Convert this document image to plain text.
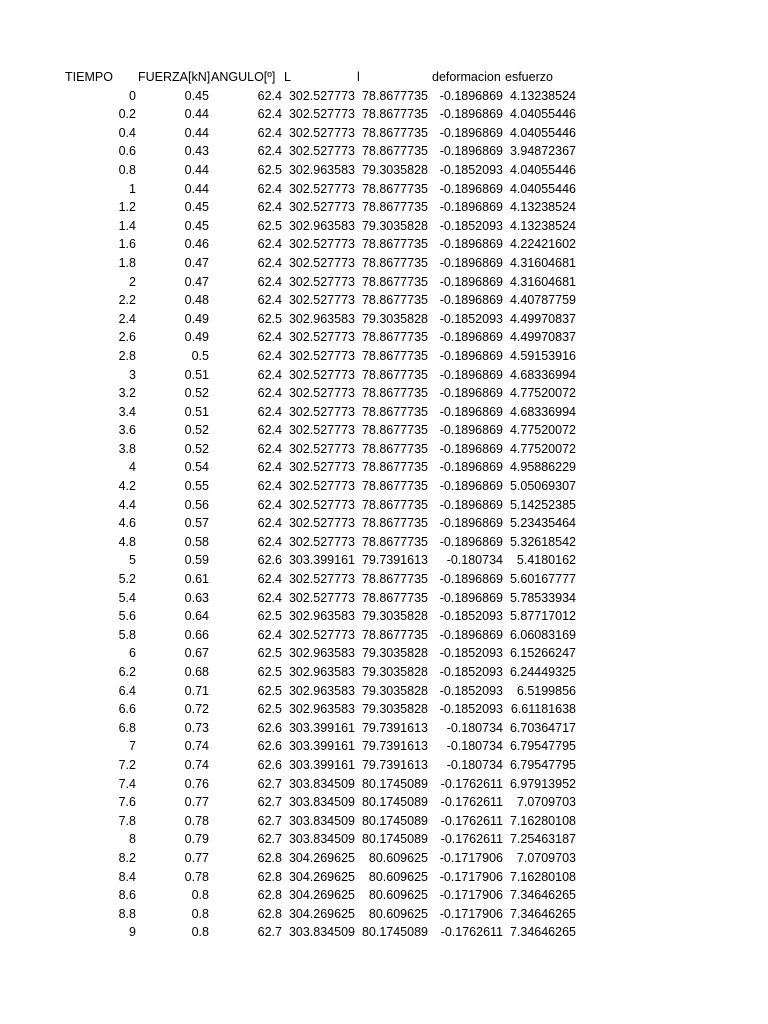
TIEMPO FUERZA[kN] ANGULO[º] L	l	deformacion esfuerzo
0	0.45	62.4 302.527773 78.8677735 -0.1896869 4.13238524
0.2	0.44	62.4 302.527773 78.8677735 -0.1896869 4.04055446
0.4	0.44	62.4 302.527773 78.8677735 -0.1896869 4.04055446
0.6	0.43	62.4 302.527773 78.8677735 -0.1896869 3.94872367
0.8	0.44	62.5 302.963583 79.3035828 -0.1852093 4.04055446
1	0.44	62.4 302.527773 78.8677735 -0.1896869 4.04055446
1.2	0.45	62.4 302.527773 78.8677735 -0.1896869 4.13238524
1.4	0.45	62.5 302.963583 79.3035828 -0.1852093 4.13238524
1.6	0.46	62.4 302.527773 78.8677735 -0.1896869 4.22421602
1.8	0.47	62.4 302.527773 78.8677735 -0.1896869 4.31604681
2	0.47	62.4 302.527773 78.8677735 -0.1896869 4.31604681
2.2	0.48	62.4 302.527773 78.8677735 -0.1896869 4.40787759
2.4	0.49	62.5 302.963583 79.3035828 -0.1852093 4.49970837
2.6	0.49	62.4 302.527773 78.8677735 -0.1896869 4.49970837
2.8	0.5	62.4 302.527773 78.8677735 -0.1896869 4.59153916
3	0.51	62.4 302.527773 78.8677735 -0.1896869 4.68336994
3.2	0.52	62.4 302.527773 78.8677735 -0.1896869 4.77520072
3.4	0.51	62.4 302.527773 78.8677735 -0.1896869 4.68336994
3.6	0.52	62.4 302.527773 78.8677735 -0.1896869 4.77520072
3.8	0.52	62.4 302.527773 78.8677735 -0.1896869 4.77520072
4	0.54	62.4 302.527773 78.8677735 -0.1896869 4.95886229
4.2	0.55	62.4 302.527773 78.8677735 -0.1896869 5.05069307
4.4	0.56	62.4 302.527773 78.8677735 -0.1896869 5.14252385
4.6	0.57	62.4 302.527773 78.8677735 -0.1896869 5.23435464
4.8	0.58	62.4 302.527773 78.8677735 -0.1896869 5.32618542
5	0.59	62.6 303.399161 79.7391613	-0.180734	5.4180162
5.2	0.61	62.4 302.527773 78.8677735 -0.1896869 5.60167777
5.4	0.63	62.4 302.527773 78.8677735 -0.1896869 5.78533934
5.6	0.64	62.5 302.963583 79.3035828 -0.1852093 5.87717012
5.8	0.66	62.4 302.527773 78.8677735 -0.1896869 6.06083169
6	0.67	62.5 302.963583 79.3035828 -0.1852093 6.15266247
6.2	0.68	62.5 302.963583 79.3035828 -0.1852093 6.24449325
6.4	0.71	62.5 302.963583 79.3035828 -0.1852093	6.5199856
6.6	0.72	62.5 302.963583 79.3035828 -0.1852093 6.61181638
6.8	0.73	62.6 303.399161 79.7391613	-0.180734 6.70364717
7	0.74	62.6 303.399161 79.7391613	-0.180734 6.79547795
7.2	0.74	62.6 303.399161 79.7391613	-0.180734 6.79547795
7.4	0.76	62.7 303.834509 80.1745089	-0.1762611 6.97913952
7.6	0.77	62.7 303.834509 80.1745089	-0.1762611	7.0709703
7.8	0.78	62.7 303.834509 80.1745089	-0.1762611 7.16280108
8	0.79	62.7 303.834509 80.1745089	-0.1762611 7.25463187
8.2	0.77	62.8 304.269625	80.609625 -0.1717906	7.0709703
8.4	0.78	62.8 304.269625	80.609625 -0.1717906 7.16280108
8.6	0.8	62.8 304.269625	80.609625 -0.1717906 7.34646265
8.8	0.8	62.8 304.269625	80.609625 -0.1717906 7.34646265
9	0.8	62.7 303.834509 80.1745089	-0.1762611 7.34646265
